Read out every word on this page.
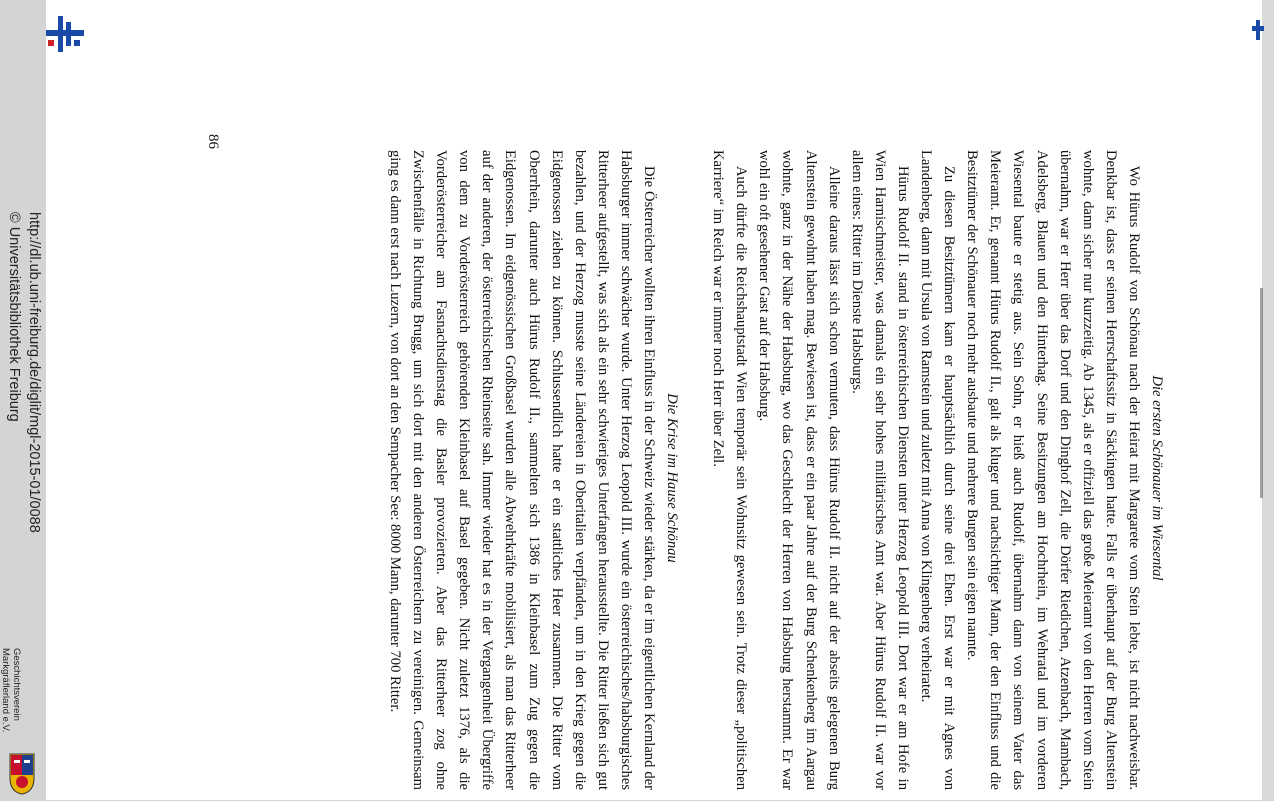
86

Die ersten Schönauer im Wiesental

Wo Hürus Rudolf von Schönau nach der Heirat mit Margarete vom Stein lebte, ist nicht nachweisbar. Denkbar ist, dass er seinen Herrschaftssitz in Säckingen hatte. Falls er überhaupt auf der Burg Altenstein wohnte, dann sicher nur kurzzeitig. Ab 1345, als er offiziell das große Meieramt von den Herren vom Stein übernahm, war er Herr über das Dorf und den Dinghof Zell, die Dörfer Riedichen, Atzenbach, Mambach, Adelsberg, Blauen und den Hinterhag. Seine Besitzungen am Hochrhein, im Wehratal und im vorderen Wiesental baute er stetig aus. Sein Sohn, er hieß auch Rudolf, übernahm dann von seinem Vater das Meieramt. Er, genannt Hürus Rudolf II., galt als kluger und nachsichtiger Mann, der den Einfluss und die Besitztümer der Schönauer noch mehr ausbaute und mehrere Burgen sein eigen nannte.

Zu diesen Besitztümern kam er hauptsächlich durch seine drei Ehen. Erst war er mit Agnes von Landenberg, dann mit Ursula von Ramstein und zuletzt mit Anna von Klingenberg verheiratet.

Hürus Rudolf II. stand in österreichischen Diensten unter Herzog Leopold III. Dort war er am Hofe in Wien Harnischmeister, was damals ein sehr hohes militärisches Amt war. Aber Hürus Rudolf II. war vor allem eines: Ritter im Dienste Habsburgs.

Alleine daraus lässt sich schon vermuten, dass Hürus Rudolf II. nicht auf der abseits gelegenen Burg Altenstein gewohnt haben mag. Bewiesen ist, dass er ein paar Jahre auf der Burg Schenkenberg im Aargau wohnte, ganz in der Nähe der Habsburg, wo das Geschlecht der Herren von Habsburg herstammt. Er war wohl ein oft gesehener Gast auf der Habsburg.

Auch dürfte die Reichshauptstadt Wien temporär sein Wohnsitz gewesen sein. Trotz dieser „politischen Karriere“ im Reich war er immer noch Herr über Zell.

Die Krise im Hause Schönau

Die Österreicher wollten ihren Einfluss in der Schweiz wieder stärken, da er im eigentlichen Kernland der Habsburger immer schwächer wurde. Unter Herzog Leopold III. wurde ein österreichisches/habsburgisches Ritterheer aufgestellt, was sich als ein sehr schwieriges Unterfangen herausstellte. Die Ritter ließen sich gut bezahlen, und der Herzog musste seine Ländereien in Oberitalien verpfänden, um in den Krieg gegen die Eidgenossen ziehen zu können. Schlussendlich hatte er ein stattliches Heer zusammen. Die Ritter vom Oberrhein, darunter auch Hürus Rudolf II., sammelten sich 1386 in Kleinbasel zum Zug gegen die Eidgenossen. Im eidgenössischen Großbasel wurden alle Abwehrkräfte mobilisiert, als man das Ritterheer auf der anderen, der österreichischen Rheinseite sah. Immer wieder hat es in der Vergangenheit Übergriffe von dem zu Vorderösterreich gehörenden Kleinbasel auf Basel gegeben. Nicht zuletzt 1376, als die Vorderösterreicher am Fasnachtsdienstag die Basler provozierten. Aber das Ritterheer zog ohne Zwischenfälle in Richtung Brugg, um sich dort mit den anderen Österreichern zu vereinigen. Gemeinsam ging es dann erst nach Luzern, von dort an den Sempacher See: 8000 Mann, darunter 700 Ritter.

http://dl.ub.uni-freiburg.de/diglit/mgl-2015-01/0088
© Universitätsbibliothek Freiburg
Geschichtsverein
Markgräflerland e.V.
